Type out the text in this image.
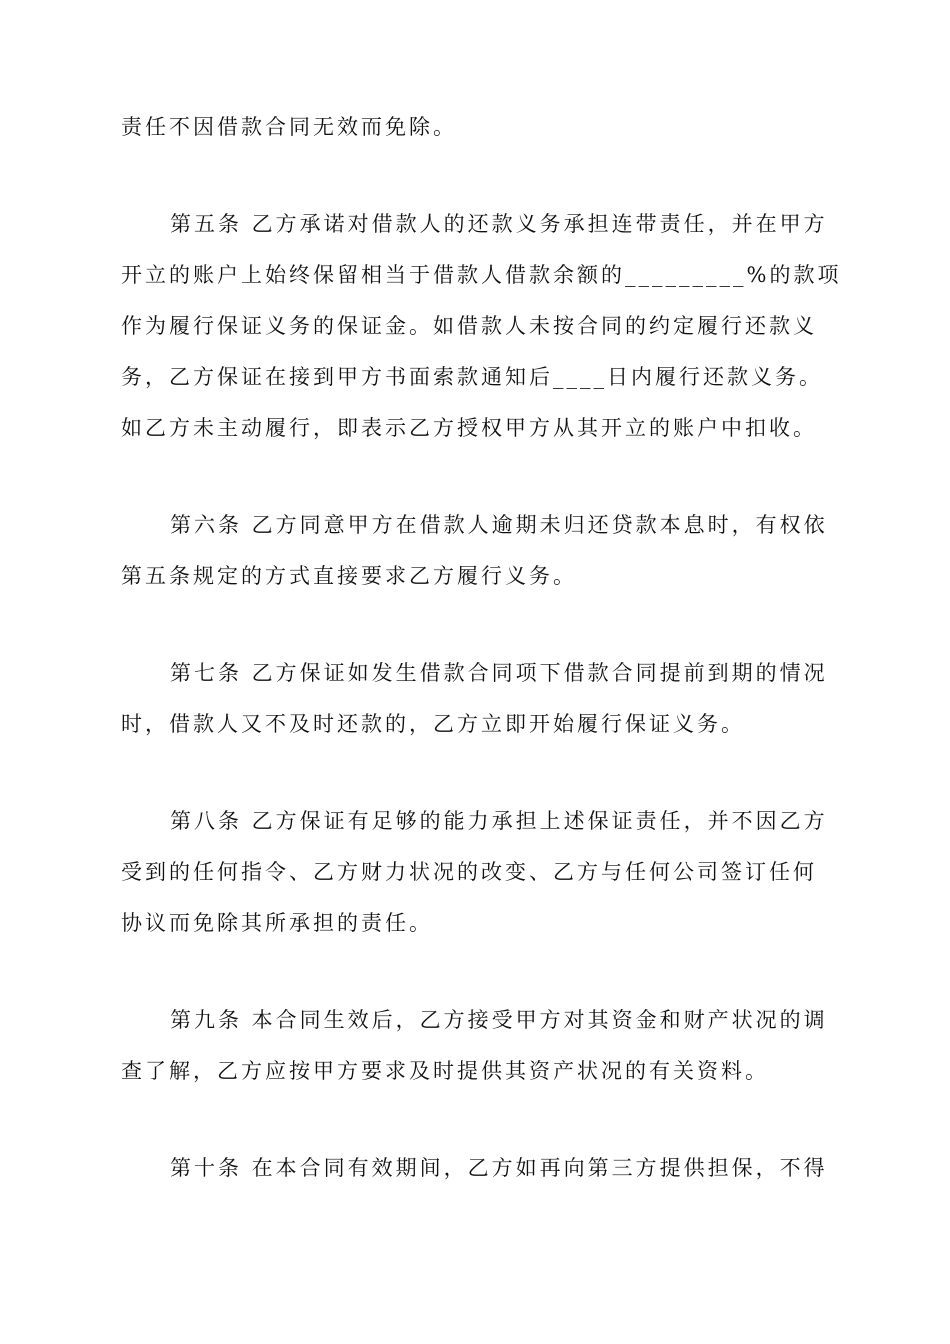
责任不因借款合同无效而免除。

第五条 乙方承诺对借款人的还款义务承担连带责任，并在甲方

开立的账户上始终保留相当于借款人借款余额的_________%的款项

作为履行保证义务的保证金。如借款人未按合同的约定履行还款义

务，乙方保证在接到甲方书面索款通知后____日内履行还款义务。

如乙方未主动履行，即表示乙方授权甲方从其开立的账户中扣收。

第六条 乙方同意甲方在借款人逾期未归还贷款本息时，有权依

第五条规定的方式直接要求乙方履行义务。

第七条 乙方保证如发生借款合同项下借款合同提前到期的情况

时，借款人又不及时还款的，乙方立即开始履行保证义务。

第八条 乙方保证有足够的能力承担上述保证责任，并不因乙方

受到的任何指令、乙方财力状况的改变、乙方与任何公司签订任何

协议而免除其所承担的责任。

第九条 本合同生效后，乙方接受甲方对其资金和财产状况的调

查了解，乙方应按甲方要求及时提供其资产状况的有关资料。

第十条 在本合同有效期间，乙方如再向第三方提供担保，不得
